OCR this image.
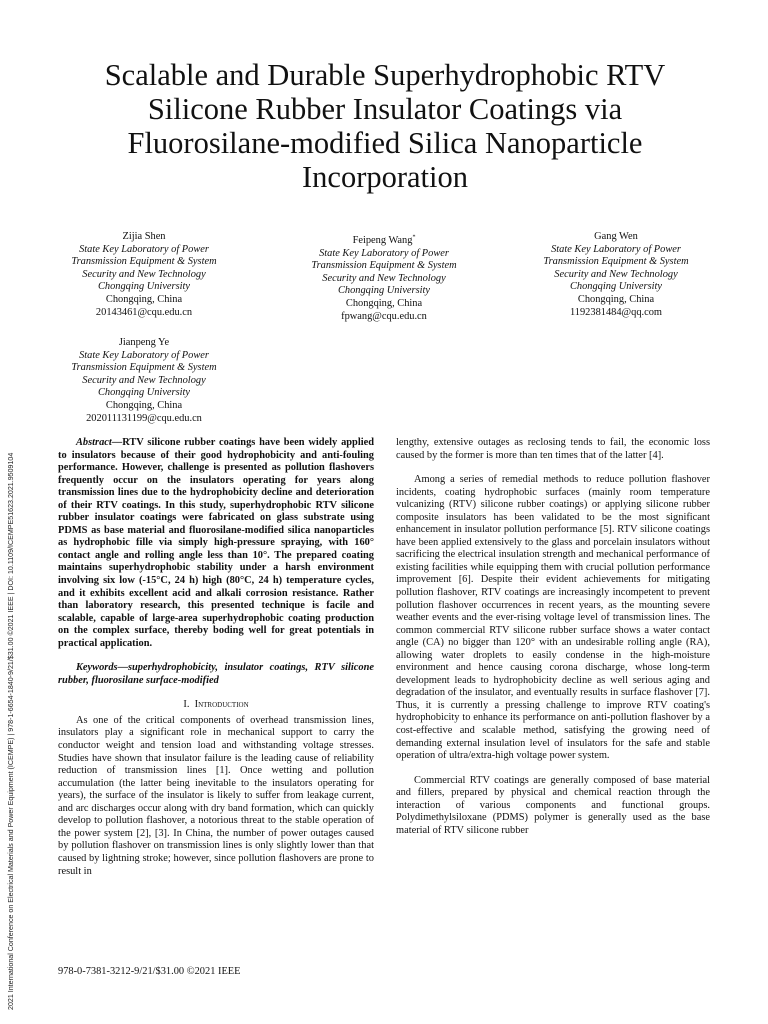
2021 International Conference on Electrical Materials and Power Equipment (ICEMPE) | 978-1-6654-1840-9/21/$31.00 ©2021 IEEE | DOI: 10.1109/ICEMPE51623.2021.9509104
Scalable and Durable Superhydrophobic RTV Silicone Rubber Insulator Coatings via Fluorosilane-modified Silica Nanoparticle Incorporation
Zijia Shen
State Key Laboratory of Power
Transmission Equipment & System
Security and New Technology
Chongqing University
Chongqing, China
20143461@cqu.edu.cn
Feipeng Wang*
State Key Laboratory of Power
Transmission Equipment & System
Security and New Technology
Chongqing University
Chongqing, China
fpwang@cqu.edu.cn
Gang Wen
State Key Laboratory of Power
Transmission Equipment & System
Security and New Technology
Chongqing University
Chongqing, China
1192381484@qq.com
Jianpeng Ye
State Key Laboratory of Power
Transmission Equipment & System
Security and New Technology
Chongqing University
Chongqing, China
202011131199@cqu.edu.cn

Abstract—RTV silicone rubber coatings have been widely applied to insulators because of their good hydrophobicity and anti-fouling performance. However, challenge is presented as pollution flashovers frequently occur on the insulators operating for years along transmission lines due to the hydrophobicity decline and deterioration of their RTV coatings. In this study, superhydrophobic RTV silicone rubber insulator coatings were fabricated on glass substrate using PDMS as base material and fluorosilane-modified silica nanoparticles as hydrophobic fille via simply high-pressure spraying, with 160° contact angle and rolling angle less than 10°. The prepared coating maintains superhydrophobic stability under a harsh environment involving six low (-15°C, 24 h) high (80°C, 24 h) temperature cycles, and it exhibits excellent acid and alkali corrosion resistance. Rather than laboratory research, this presented technique is facile and scalable, capable of large-area superhydrophobic coating production on the complex surface, thereby boding well for great potentials in practical application.

Keywords—superhydrophobicity, insulator coatings, RTV silicone rubber, fluorosilane surface-modified

I. Introduction

As one of the critical components of overhead transmission lines, insulators play a significant role in mechanical support to carry the conductor weight and tension load and withstanding voltage stresses. Studies have shown that insulator failure is the leading cause of reliability reduction of transmission lines [1]. Once wetting and pollution accumulation (the latter being inevitable to the insulators operating for years), the surface of the insulator is likely to suffer from leakage current, and arc discharges occur along with dry band formation, which can quickly develop to pollution flashover, a notorious threat to the stable operation of the power system [2], [3]. In China, the number of power outages caused by pollution flashover on transmission lines is only slightly lower than that caused by lightning stroke; however, since pollution flashovers are prone to result in

lengthy, extensive outages as reclosing tends to fail, the economic loss caused by the former is more than ten times that of the latter [4].

Among a series of remedial methods to reduce pollution flashover incidents, coating hydrophobic surfaces (mainly room temperature vulcanizing (RTV) silicone rubber coatings) or applying silicone rubber composite insulators has been validated to be the most significant enhancement in insulator pollution performance [5]. RTV silicone coatings have been applied extensively to the glass and porcelain insulators without sacrificing the electrical insulation strength and mechanical performance of existing facilities while equipping them with crucial pollution performance improvement [6]. Despite their evident achievements for mitigating pollution flashover, RTV coatings are increasingly incompetent to prevent pollution flashover occurrences in recent years, as the mounting severe weather events and the ever-rising voltage level of transmission lines. The common commercial RTV silicone rubber surface shows a water contact angle (CA) no bigger than 120° with an undesirable rolling angle (RA), allowing water droplets to easily condense in the high-moisture environment and hence causing corona discharge, whose long-term development leads to hydrophobicity decline as well serious aging and degradation of the insulator, and eventually results in surface flashover [7]. Thus, it is currently a pressing challenge to improve RTV coating's hydrophobicity to enhance its performance on anti-pollution flashover by a cost-effective and scalable method, satisfying the growing need of demanding external insulation level of insulators for the safe and stable operation of ultra/extra-high voltage power system.

Commercial RTV coatings are generally composed of base material and fillers, prepared by physical and chemical reaction through the interaction of various components and functional groups. Polydimethylsiloxane (PDMS) polymer is generally used as the base material of RTV silicone rubber

978-0-7381-3212-9/21/$31.00 ©2021 IEEE
